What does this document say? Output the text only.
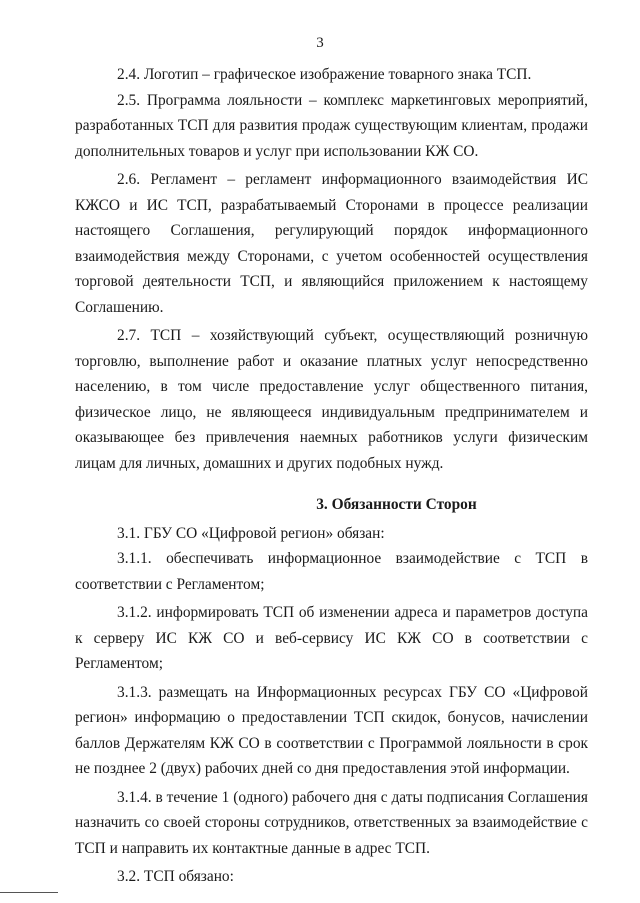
3

2.4. Логотип – графическое изображение товарного знака ТСП.

2.5. Программа лояльности – комплекс маркетинговых мероприятий, разработанных ТСП для развития продаж существующим клиентам, продажи дополнительных товаров и услуг при использовании КЖ СО.

2.6. Регламент – регламент информационного взаимодействия ИС КЖСО и ИС ТСП, разрабатываемый Сторонами в процессе реализации настоящего Соглашения, регулирующий порядок информационного взаимодействия между Сторонами, с учетом особенностей осуществления торговой деятельности ТСП, и являющийся приложением к настоящему Соглашению.

2.7. ТСП – хозяйствующий субъект, осуществляющий розничную торговлю, выполнение работ и оказание платных услуг непосредственно населению, в том числе предоставление услуг общественного питания, физическое лицо, не являющееся индивидуальным предпринимателем и оказывающее без привлечения наемных работников услуги физическим лицам для личных, домашних и других подобных нужд.

3. Обязанности Сторон

3.1. ГБУ СО «Цифровой регион» обязан:

3.1.1. обеспечивать информационное взаимодействие с ТСП в соответствии с Регламентом;

3.1.2. информировать ТСП об изменении адреса и параметров доступа к серверу ИС КЖ СО и веб-сервису ИС КЖ СО в соответствии с Регламентом;

3.1.3. размещать на Информационных ресурсах ГБУ СО «Цифровой регион» информацию о предоставлении ТСП скидок, бонусов, начислении баллов Держателям КЖ СО в соответствии с Программой лояльности в срок не позднее 2 (двух) рабочих дней со дня предоставления этой информации.

3.1.4. в течение 1 (одного) рабочего дня с даты подписания Соглашения назначить со своей стороны сотрудников, ответственных за взаимодействие с ТСП и направить их контактные данные в адрес ТСП.

3.2. ТСП обязано:
